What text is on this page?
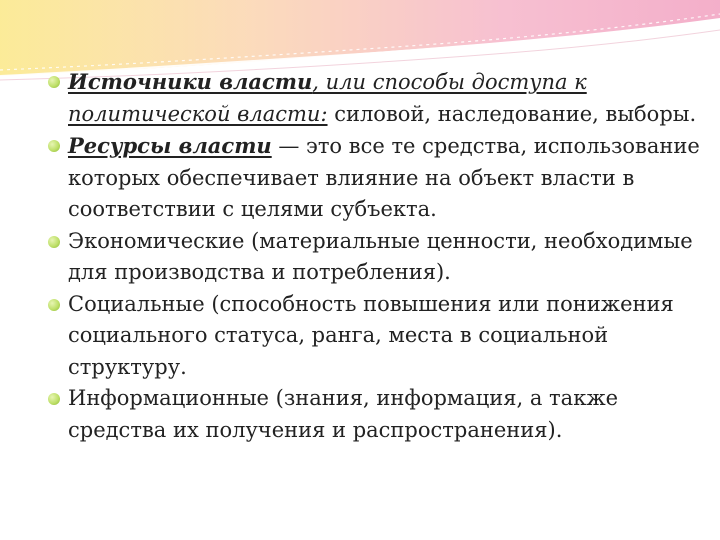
Источники власти, или способы доступа к политической власти: силовой, наследование, выборы.

Ресурсы власти — это все те средства, использование которых обеспечивает влияние на объект власти в соответствии с целями субъекта.

Экономические (материальные ценности, необходимые для производства и потребления).

Социальные (способность повышения или понижения социального статуса, ранга, места в социальной структуру.

Информационные (знания, информация, а также средства их получения и распространения).
